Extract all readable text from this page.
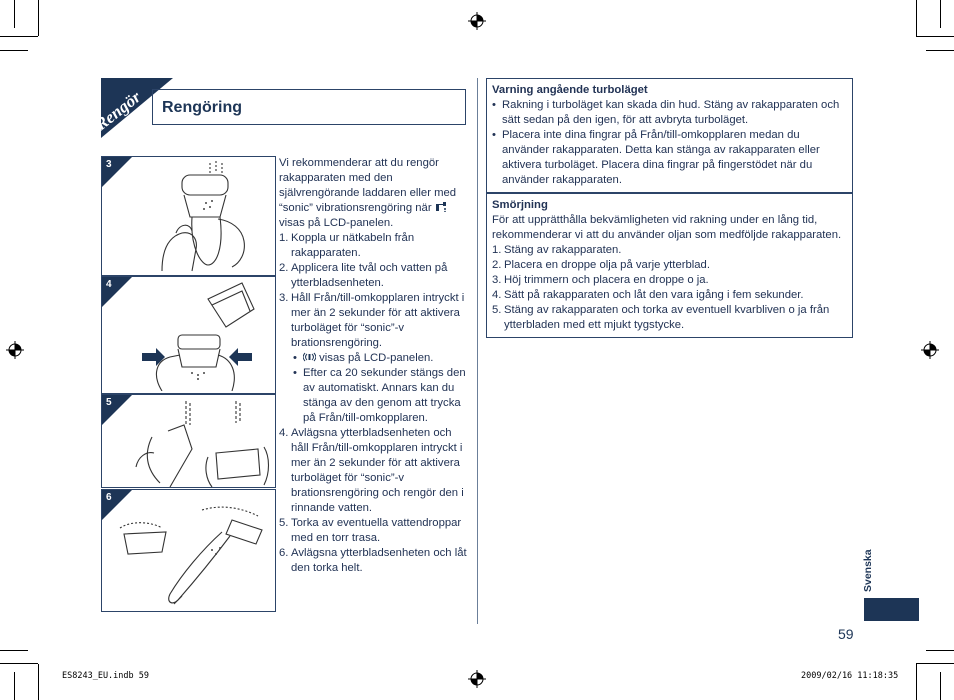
Rengör Rengöring
3
4
5
6

Vi rekommenderar att du rengör rakapparaten med den självrengörande laddaren eller med “sonic” vibrationsrengöring när  visas på LCD-panelen.

1. Koppla ur nätkabeln från rakapparaten.
2. Applicera lite tvål och vatten på ytterbladsenheten.
3. Håll Från/till-omkopplaren intryckt i mer än 2 sekunder för att aktivera turboläget för “sonic”-v brationsrengöring.
•	visas på LCD-panelen.
• Efter ca 20 sekunder stängs den av automatiskt. Annars kan du stänga av den genom att trycka på Från/till-omkopplaren.
4. Avlägsna ytterbladsenheten och håll Från/till-omkopplaren intryckt i mer än 2 sekunder för att aktivera turboläget för “sonic”-v brationsrengöring och rengör den i rinnande vatten.
5. Torka av eventuella vattendroppar med en torr trasa.
6. Avlägsna ytterbladsenheten och låt den torka helt.
Varning angående turboläget
• Rakning i turboläget kan skada din hud. Stäng av rakapparaten och sätt sedan på den igen, för att avbryta turboläget.
• Placera inte dina fingrar på Från/till-omkopplaren medan du använder rakapparaten. Detta kan stänga av rakapparaten eller aktivera turboläget. Placera dina fingrar på fingerstödet när du använder rakapparaten.
Smörjning

För att upprätthålla bekvämligheten vid rakning under en lång tid, rekommenderar vi att du använder oljan som medföljde rakapparaten.

1. Stäng av rakapparaten.
2. Placera en droppe olja på varje ytterblad.
3. Höj trimmern och placera en droppe o ja.
4. Sätt på rakapparaten och låt den vara igång i fem sekunder.
5. Stäng av rakapparaten och torka av eventuell kvarbliven o ja från ytterbladen med ett mjukt tygstycke.
Svenska
59
ES8243_EU.indb 59	2009/02/16 11:18:35
